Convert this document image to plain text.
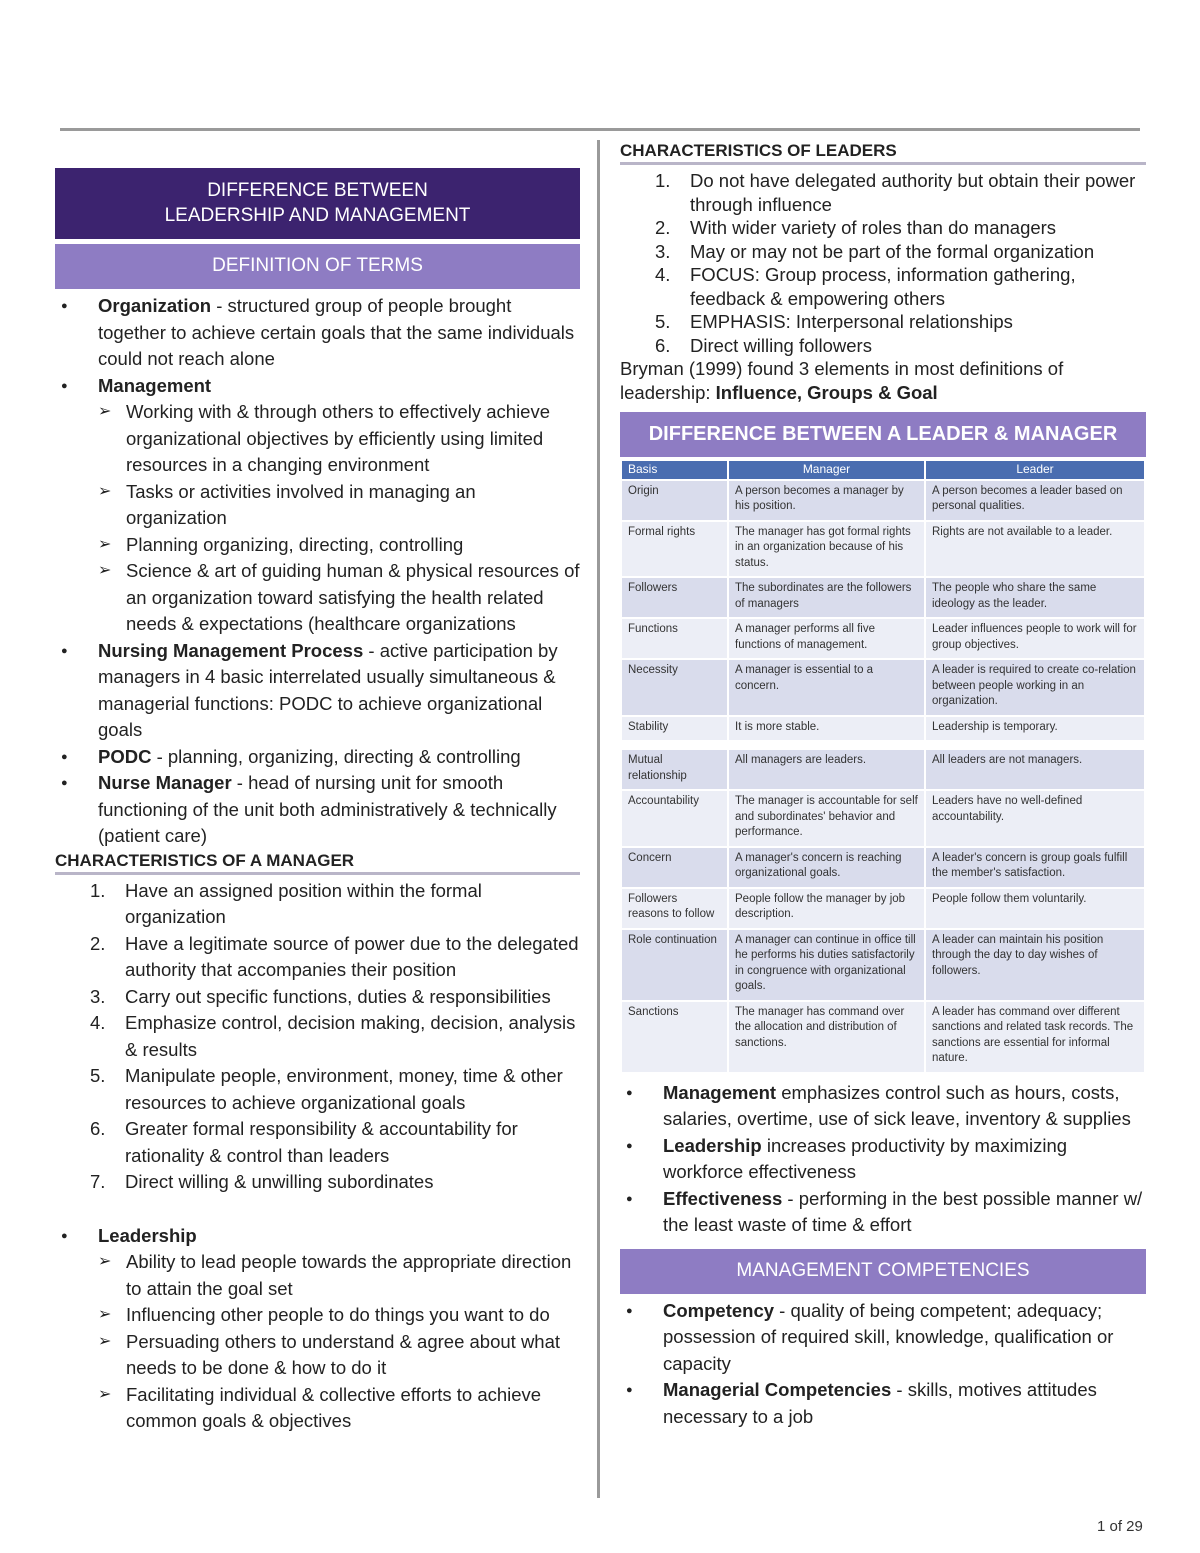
DIFFERENCE BETWEEN
LEADERSHIP AND MANAGEMENT
DEFINITION OF TERMS
● Organization - structured group of people brought together to achieve certain goals that the same individuals could not reach alone
● Management
➢ Working with & through others to effectively achieve organizational objectives by efficiently using limited resources in a changing environment
➢ Tasks or activities involved in managing an organization
➢ Planning organizing, directing, controlling
➢ Science & art of guiding human & physical resources of an organization toward satisfying the health related needs & expectations (healthcare organizations
● Nursing Management Process - active participation by managers in 4 basic interrelated usually simultaneous & managerial functions: PODC to achieve organizational goals
● PODC - planning, organizing, directing & controlling
● Nurse Manager - head of nursing unit for smooth functioning of the unit both administratively & technically (patient care)
CHARACTERISTICS OF A MANAGER
1. Have an assigned position within the formal organization
2. Have a legitimate source of power due to the delegated authority that accompanies their position
3. Carry out specific functions, duties & responsibilities
4. Emphasize control, decision making, decision, analysis & results
5. Manipulate people, environment, money, time & other resources to achieve organizational goals
6. Greater formal responsibility & accountability for rationality & control than leaders
7. Direct willing & unwilling subordinates
● Leadership
➢ Ability to lead people towards the appropriate direction to attain the goal set
➢ Influencing other people to do things you want to do
➢ Persuading others to understand & agree about what needs to be done & how to do it
➢ Facilitating individual & collective efforts to achieve common goals & objectives
CHARACTERISTICS OF LEADERS
1. Do not have delegated authority but obtain their power through influence
2. With wider variety of roles than do managers
3. May or may not be part of the formal organization
4. FOCUS: Group process, information gathering, feedback & empowering others
5. EMPHASIS: Interpersonal relationships
6. Direct willing followers
Bryman (1999) found 3 elements in most definitions of leadership: Influence, Groups & Goal
DIFFERENCE BETWEEN A LEADER & MANAGER
Basis	Manager	Leader
Origin	A person becomes a manager by his position.	A person becomes a leader based on personal qualities.
Formal rights	The manager has got formal rights in an organization because of his status.	Rights are not available to a leader.
Followers	The subordinates are the followers of managers	The people who share the same ideology as the leader.
Functions	A manager performs all five functions of management.	Leader influences people to work will for group objectives.
Necessity	A manager is essential to a concern.	A leader is required to create co-relation between people working in an organization.
Stability	It is more stable.	Leadership is temporary.
Mutual relationship	All managers are leaders.	All leaders are not managers.
Accountability	The manager is accountable for self and subordinates' behavior and performance.	Leaders have no well-defined accountability.
Concern	A manager's concern is reaching organizational goals.	A leader's concern is group goals fulfill the member's satisfaction.
Followers reasons to follow	People follow the manager by job description.	People follow them voluntarily.
Role continuation	A manager can continue in office till he performs his duties satisfactorily in congruence with organizational goals.	A leader can maintain his position through the day to day wishes of followers.
Sanctions	The manager has command over the allocation and distribution of sanctions.	A leader has command over different sanctions and related task records. The sanctions are essential for informal nature.
● Management emphasizes control such as hours, costs, salaries, overtime, use of sick leave, inventory & supplies
● Leadership increases productivity by maximizing workforce effectiveness
● Effectiveness - performing in the best possible manner w/ the least waste of time & effort
MANAGEMENT COMPETENCIES
● Competency - quality of being competent; adequacy; possession of required skill, knowledge, qualification or capacity
● Managerial Competencies - skills, motives attitudes necessary to a job
1 of 29
